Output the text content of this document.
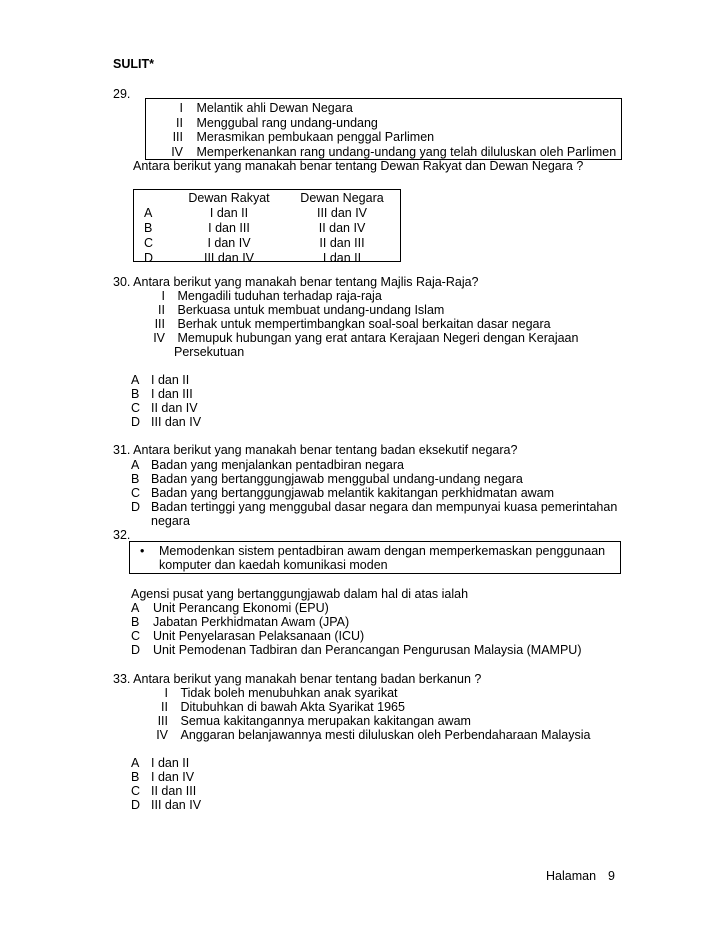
SULIT*
29.
I Melantik ahli Dewan Negara
II Menggubal rang undang-undang
III Merasmikan pembukaan penggal Parlimen
IV Memperkenankan rang undang-undang yang telah diluluskan oleh Parlimen
Antara berikut yang manakah benar tentang Dewan Rakyat dan Dewan Negara ?
	Dewan Rakyat	Dewan Negara
A	I dan II	III dan IV
B	I dan III	II dan IV
C	I dan IV	II dan III
D	III dan IV	I dan II
30. Antara berikut yang manakah benar tentang Majlis Raja-Raja?
I Mengadili tuduhan terhadap raja-raja
II Berkuasa untuk membuat undang-undang Islam
III Berhak untuk mempertimbangkan soal-soal berkaitan dasar negara
IV Memupuk hubungan yang erat antara Kerajaan Negeri dengan Kerajaan
Persekutuan
A I dan II
B I dan III
C II dan IV
D III dan IV
31. Antara berikut yang manakah benar tentang badan eksekutif negara?
A Badan yang menjalankan pentadbiran negara
B Badan yang bertanggungjawab menggubal undang-undang negara
C Badan yang bertanggungjawab melantik kakitangan perkhidmatan awam
D Badan tertinggi yang menggubal dasar negara dan mempunyai kuasa pemerintahan
negara
32.
• Memodenkan sistem pentadbiran awam dengan memperkemaskan penggunaan
komputer dan kaedah komunikasi moden
Agensi pusat yang bertanggungjawab dalam hal di atas ialah
A Unit Perancang Ekonomi (EPU)
B Jabatan Perkhidmatan Awam (JPA)
C Unit Penyelarasan Pelaksanaan (ICU)
D Unit Pemodenan Tadbiran dan Perancangan Pengurusan Malaysia (MAMPU)
33. Antara berikut yang manakah benar tentang badan berkanun ?
I Tidak boleh menubuhkan anak syarikat
II Ditubuhkan di bawah Akta Syarikat 1965
III Semua kakitangannya merupakan kakitangan awam
IV Anggaran belanjawannya mesti diluluskan oleh Perbendaharaan Malaysia
A I dan II
B I dan IV
C II dan III
D III dan IV
Halaman 9
